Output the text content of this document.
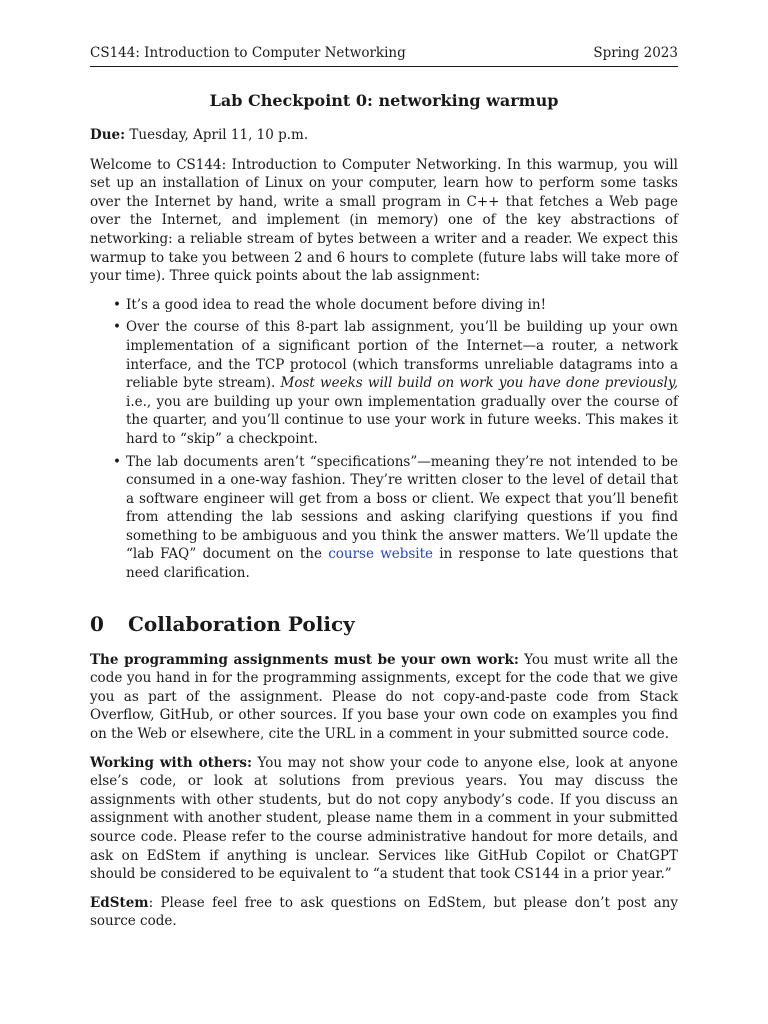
CS144: Introduction to Computer Networking	Spring 2023
Lab Checkpoint 0: networking warmup

Due: Tuesday, April 11, 10 p.m.

Welcome to CS144: Introduction to Computer Networking. In this warmup, you will set up an installation of Linux on your computer, learn how to perform some tasks over the Internet by hand, write a small program in C++ that fetches a Web page over the Internet, and implement (in memory) one of the key abstractions of networking: a reliable stream of bytes between a writer and a reader. We expect this warmup to take you between 2 and 6 hours to complete (future labs will take more of your time). Three quick points about the lab assignment:

• It’s a good idea to read the whole document before diving in!
• Over the course of this 8-part lab assignment, you’ll be building up your own implementation of a significant portion of the Internet—a router, a network interface, and the TCP protocol (which transforms unreliable datagrams into a reliable byte stream). Most weeks will build on work you have done previously, i.e., you are building up your own implementation gradually over the course of the quarter, and you’ll continue to use your work in future weeks. This makes it hard to “skip” a checkpoint.
• The lab documents aren’t “specifications”—meaning they’re not intended to be consumed in a one-way fashion. They’re written closer to the level of detail that a software engineer will get from a boss or client. We expect that you’ll benefit from attending the lab sessions and asking clarifying questions if you find something to be ambiguous and you think the answer matters. We’ll update the “lab FAQ” document on the course website in response to late questions that need clarification.
0 Collaboration Policy

The programming assignments must be your own work: You must write all the code you hand in for the programming assignments, except for the code that we give you as part of the assignment. Please do not copy-and-paste code from Stack Overflow, GitHub, or other sources. If you base your own code on examples you find on the Web or elsewhere, cite the URL in a comment in your submitted source code.

Working with others: You may not show your code to anyone else, look at anyone else’s code, or look at solutions from previous years. You may discuss the assignments with other students, but do not copy anybody’s code. If you discuss an assignment with another student, please name them in a comment in your submitted source code. Please refer to the course administrative handout for more details, and ask on EdStem if anything is unclear. Services like GitHub Copilot or ChatGPT should be considered to be equivalent to “a student that took CS144 in a prior year.”

EdStem: Please feel free to ask questions on EdStem, but please don’t post any source code.
